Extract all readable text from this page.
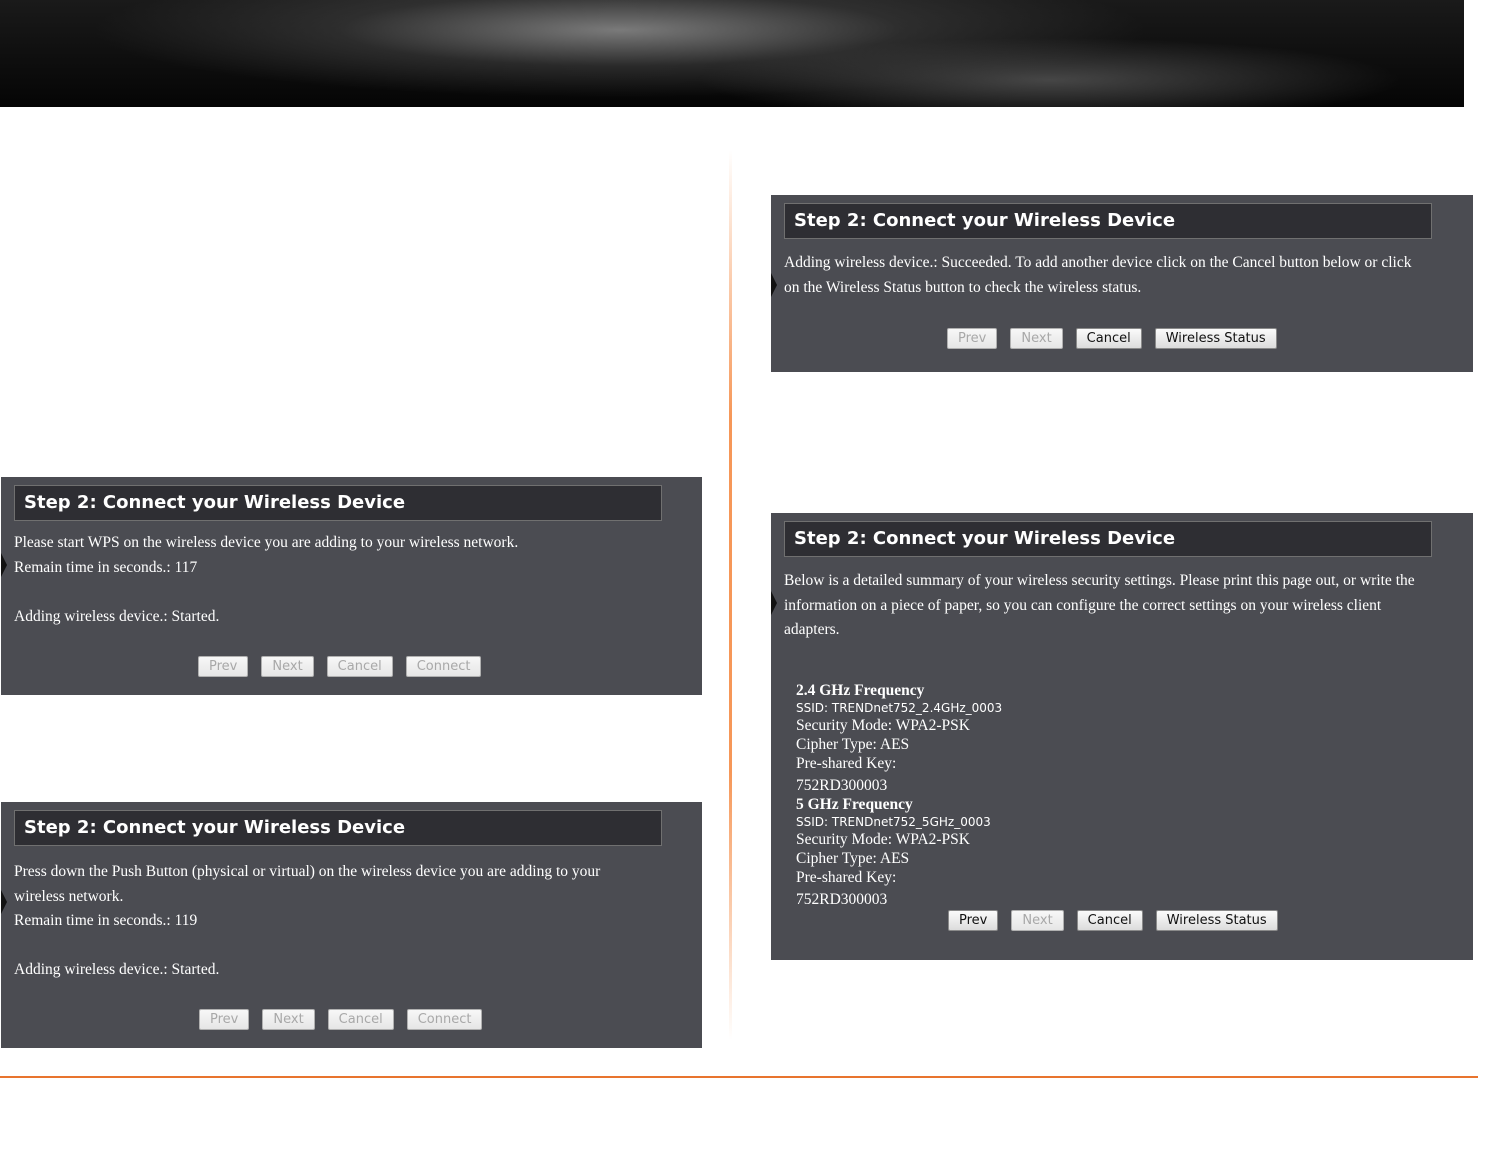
Step 2: Connect your Wireless Device
Please start WPS on the wireless device you are adding to your wireless network.
Remain time in seconds.: 117
Adding wireless device.: Started.
Prev	Next	Cancel	Connect
Step 2: Connect your Wireless Device
Press down the Push Button (physical or virtual) on the wireless device you are adding to your wireless network.
Remain time in seconds.: 119
Adding wireless device.: Started.
Prev	Next	Cancel	Connect
Step 2: Connect your Wireless Device
Adding wireless device.: Succeeded. To add another device click on the Cancel button below or click on the Wireless Status button to check the wireless status.
Prev	Next	Cancel	Wireless Status
Step 2: Connect your Wireless Device
Below is a detailed summary of your wireless security settings. Please print this page out, or write the information on a piece of paper, so you can configure the correct settings on your wireless client adapters.
2.4 GHz Frequency
SSID: TRENDnet752_2.4GHz_0003
Security Mode: WPA2-PSK
Cipher Type: AES
Pre-shared Key:
752RD300003
5 GHz Frequency
SSID: TRENDnet752_5GHz_0003
Security Mode: WPA2-PSK
Cipher Type: AES
Pre-shared Key:
752RD300003
Prev	Next	Cancel	Wireless Status
